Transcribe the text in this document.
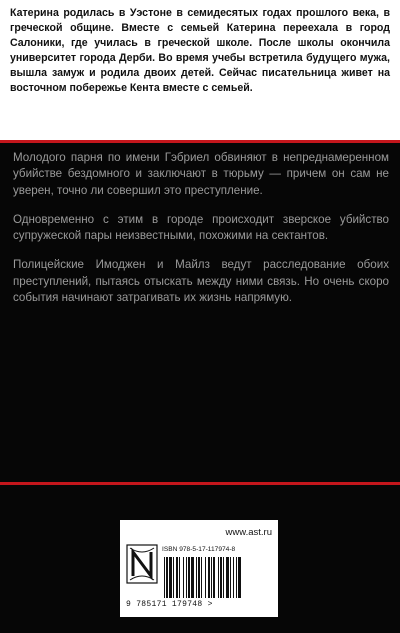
Катерина родилась в Уэстоне в семидесятых годах прошлого века, в греческой общине. Вместе с семьей Катерина переехала в город Салоники, где училась в греческой школе. После школы окончила университет города Дерби. Во время учебы встретила будущего мужа, вышла замуж и родила двоих детей. Сейчас писательница живет на восточном побережье Кента вместе с семьей.

Молодого парня по имени Гэбриел обвиняют в непреднамеренном убийстве бездомного и заключают в тюрьму — причем он сам не уверен, точно ли совершил это преступление.

Одновременно с этим в городе происходит зверское убийство супружеской пары неизвестными, похожими на сектантов.

Полицейские Имоджен и Майлз ведут расследование обоих преступлений, пытаясь отыскать между ними связь. Но очень скоро события начинают затрагивать их жизнь напрямую.

www.ast.ru
ISBN 978-5-17-117974-8
9 785171 179748 >
